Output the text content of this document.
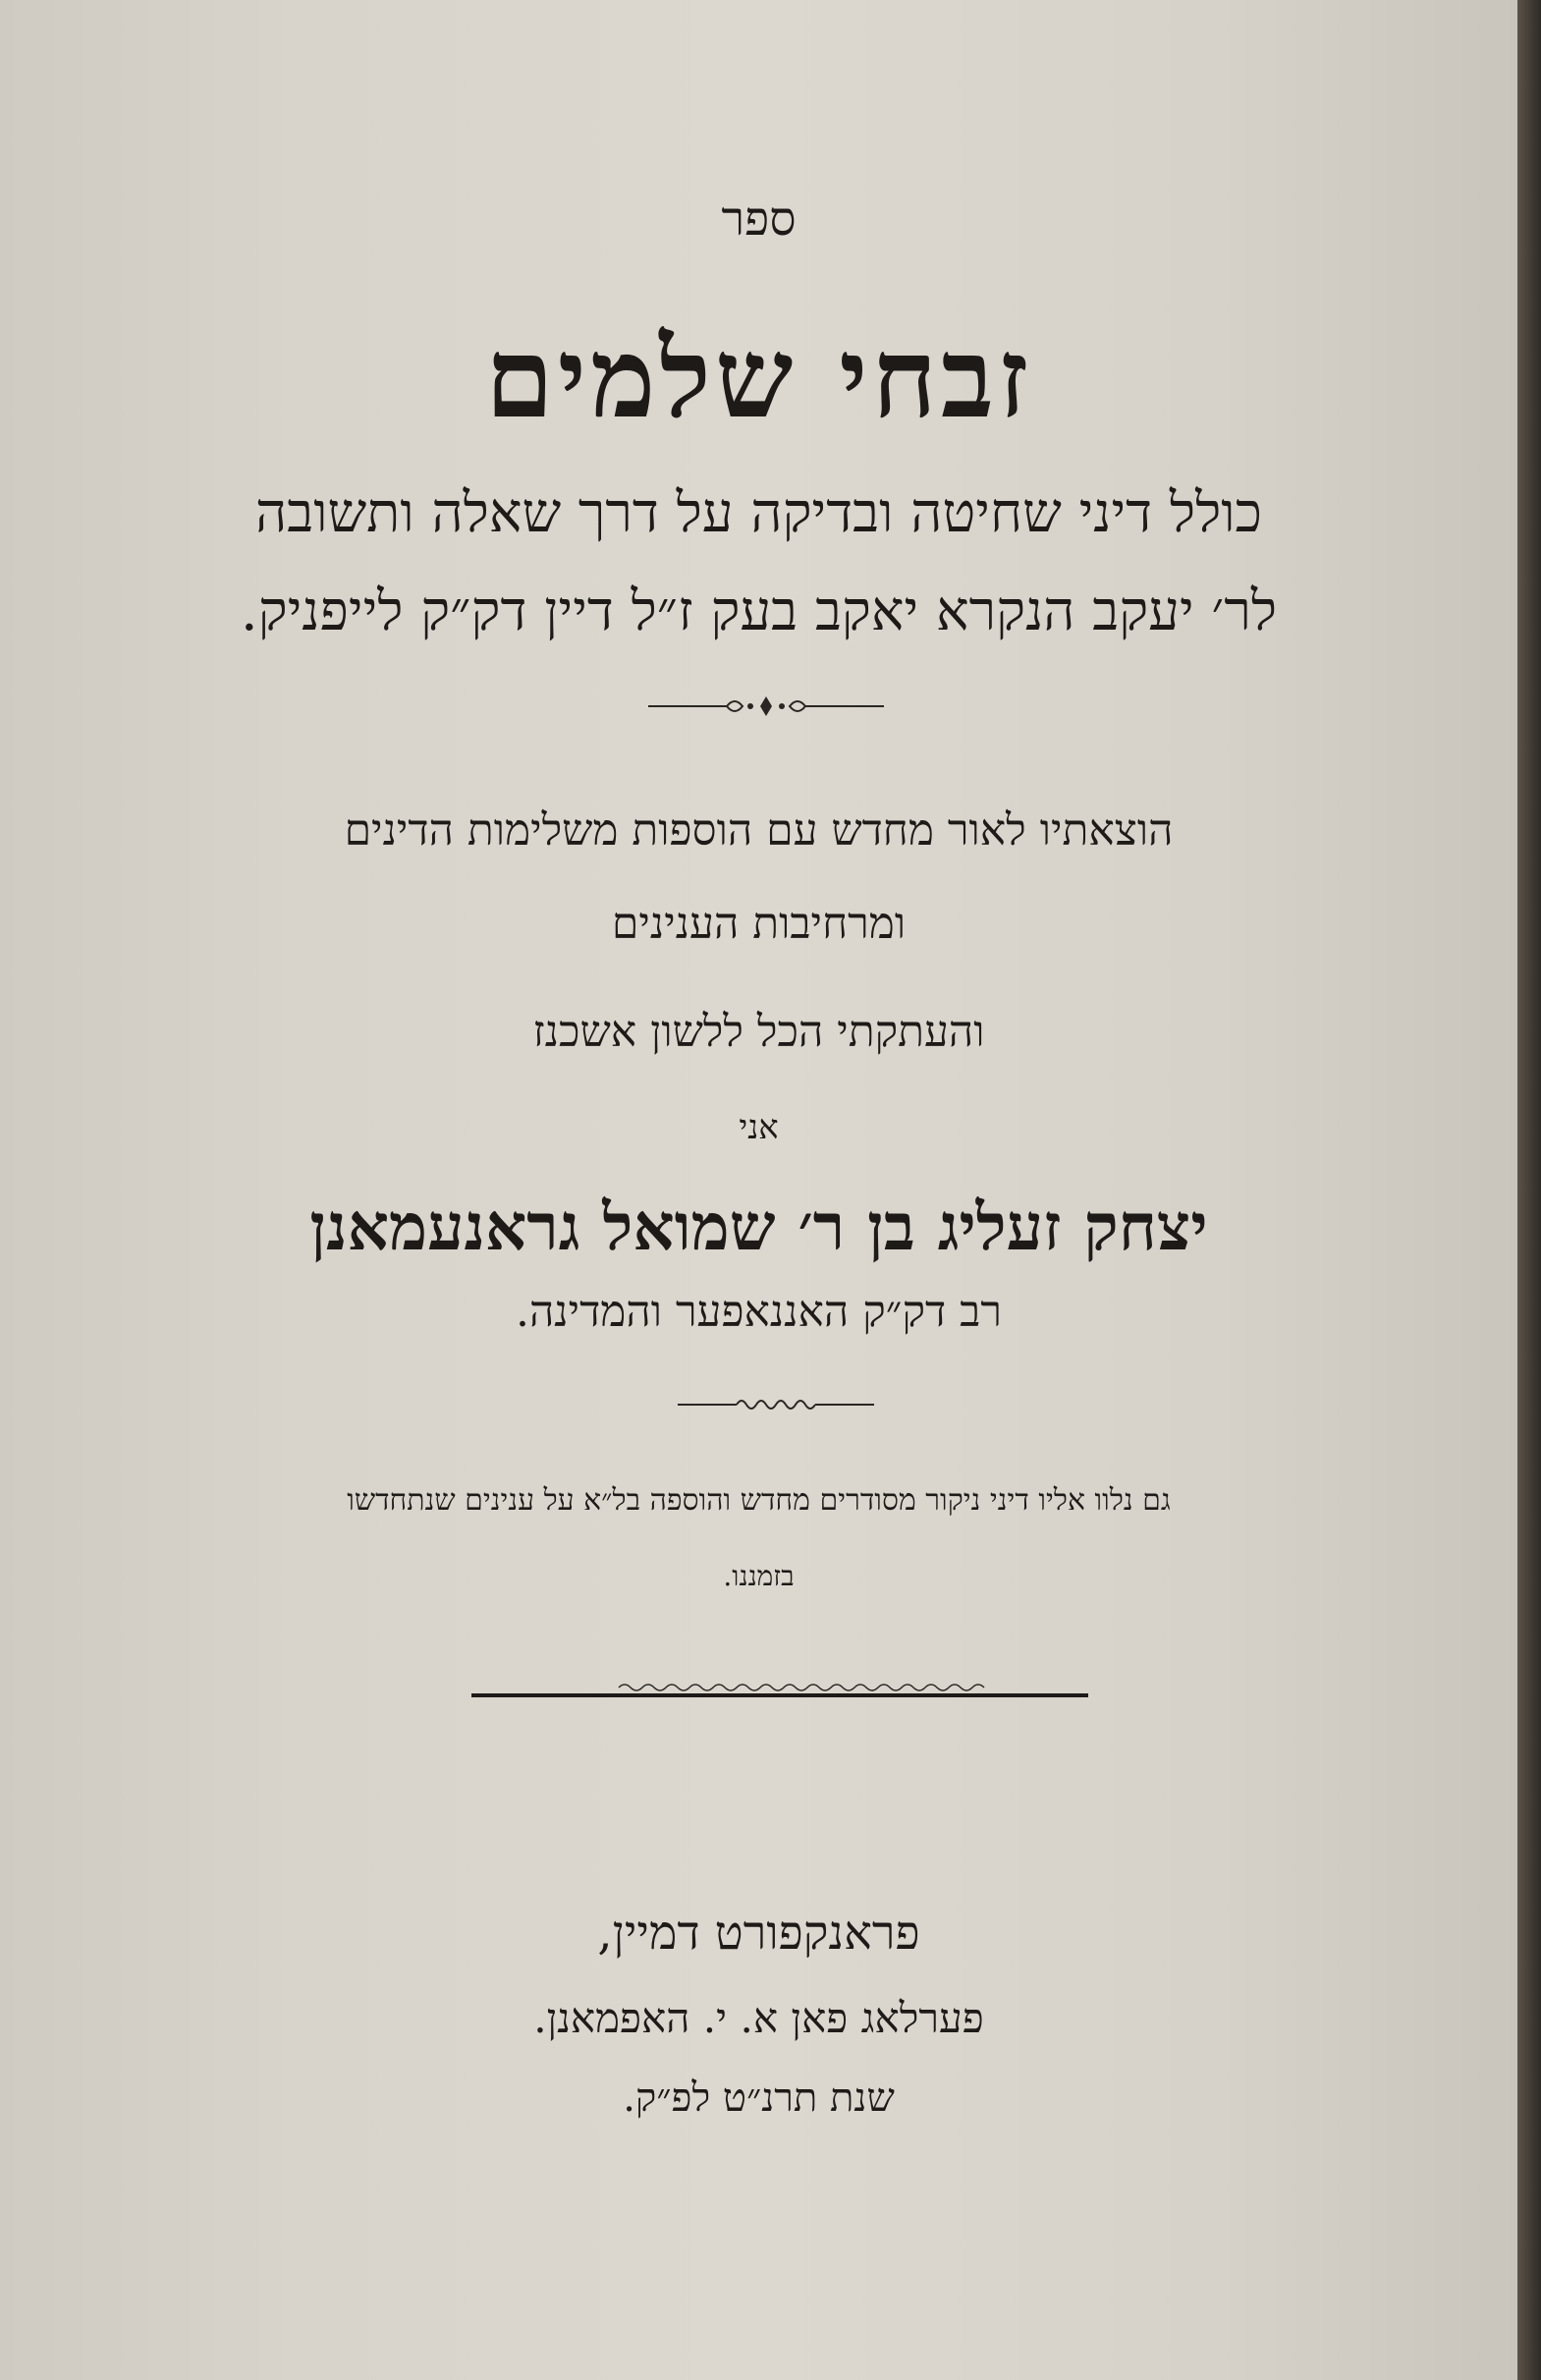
ספר
זבחי שלמים
כולל דיני שחיטה ובדיקה על דרך שאלה ותשובה
לר׳ יעקב הנקרא יאקב בעק ז״ל דיין דק״ק לייפניק.
הוצאתיו לאור מחדש עם הוספות משלימות הדינים
ומרחיבות הענינים
והעתקתי הכל ללשון אשכנז
אני
יצחק זעליג בן ר׳ שמואל גראנעמאנן
רב דק״ק האננאפער והמדינה.
גם נלוו אליו דיני ניקור מסודרים מחדש והוספה בל״א על ענינים שנתחדשו
בזמננו.
פראנקפורט דמיין,
פערלאג פאן א. י. האפמאנן.
שנת תרנ״ט לפ״ק.
